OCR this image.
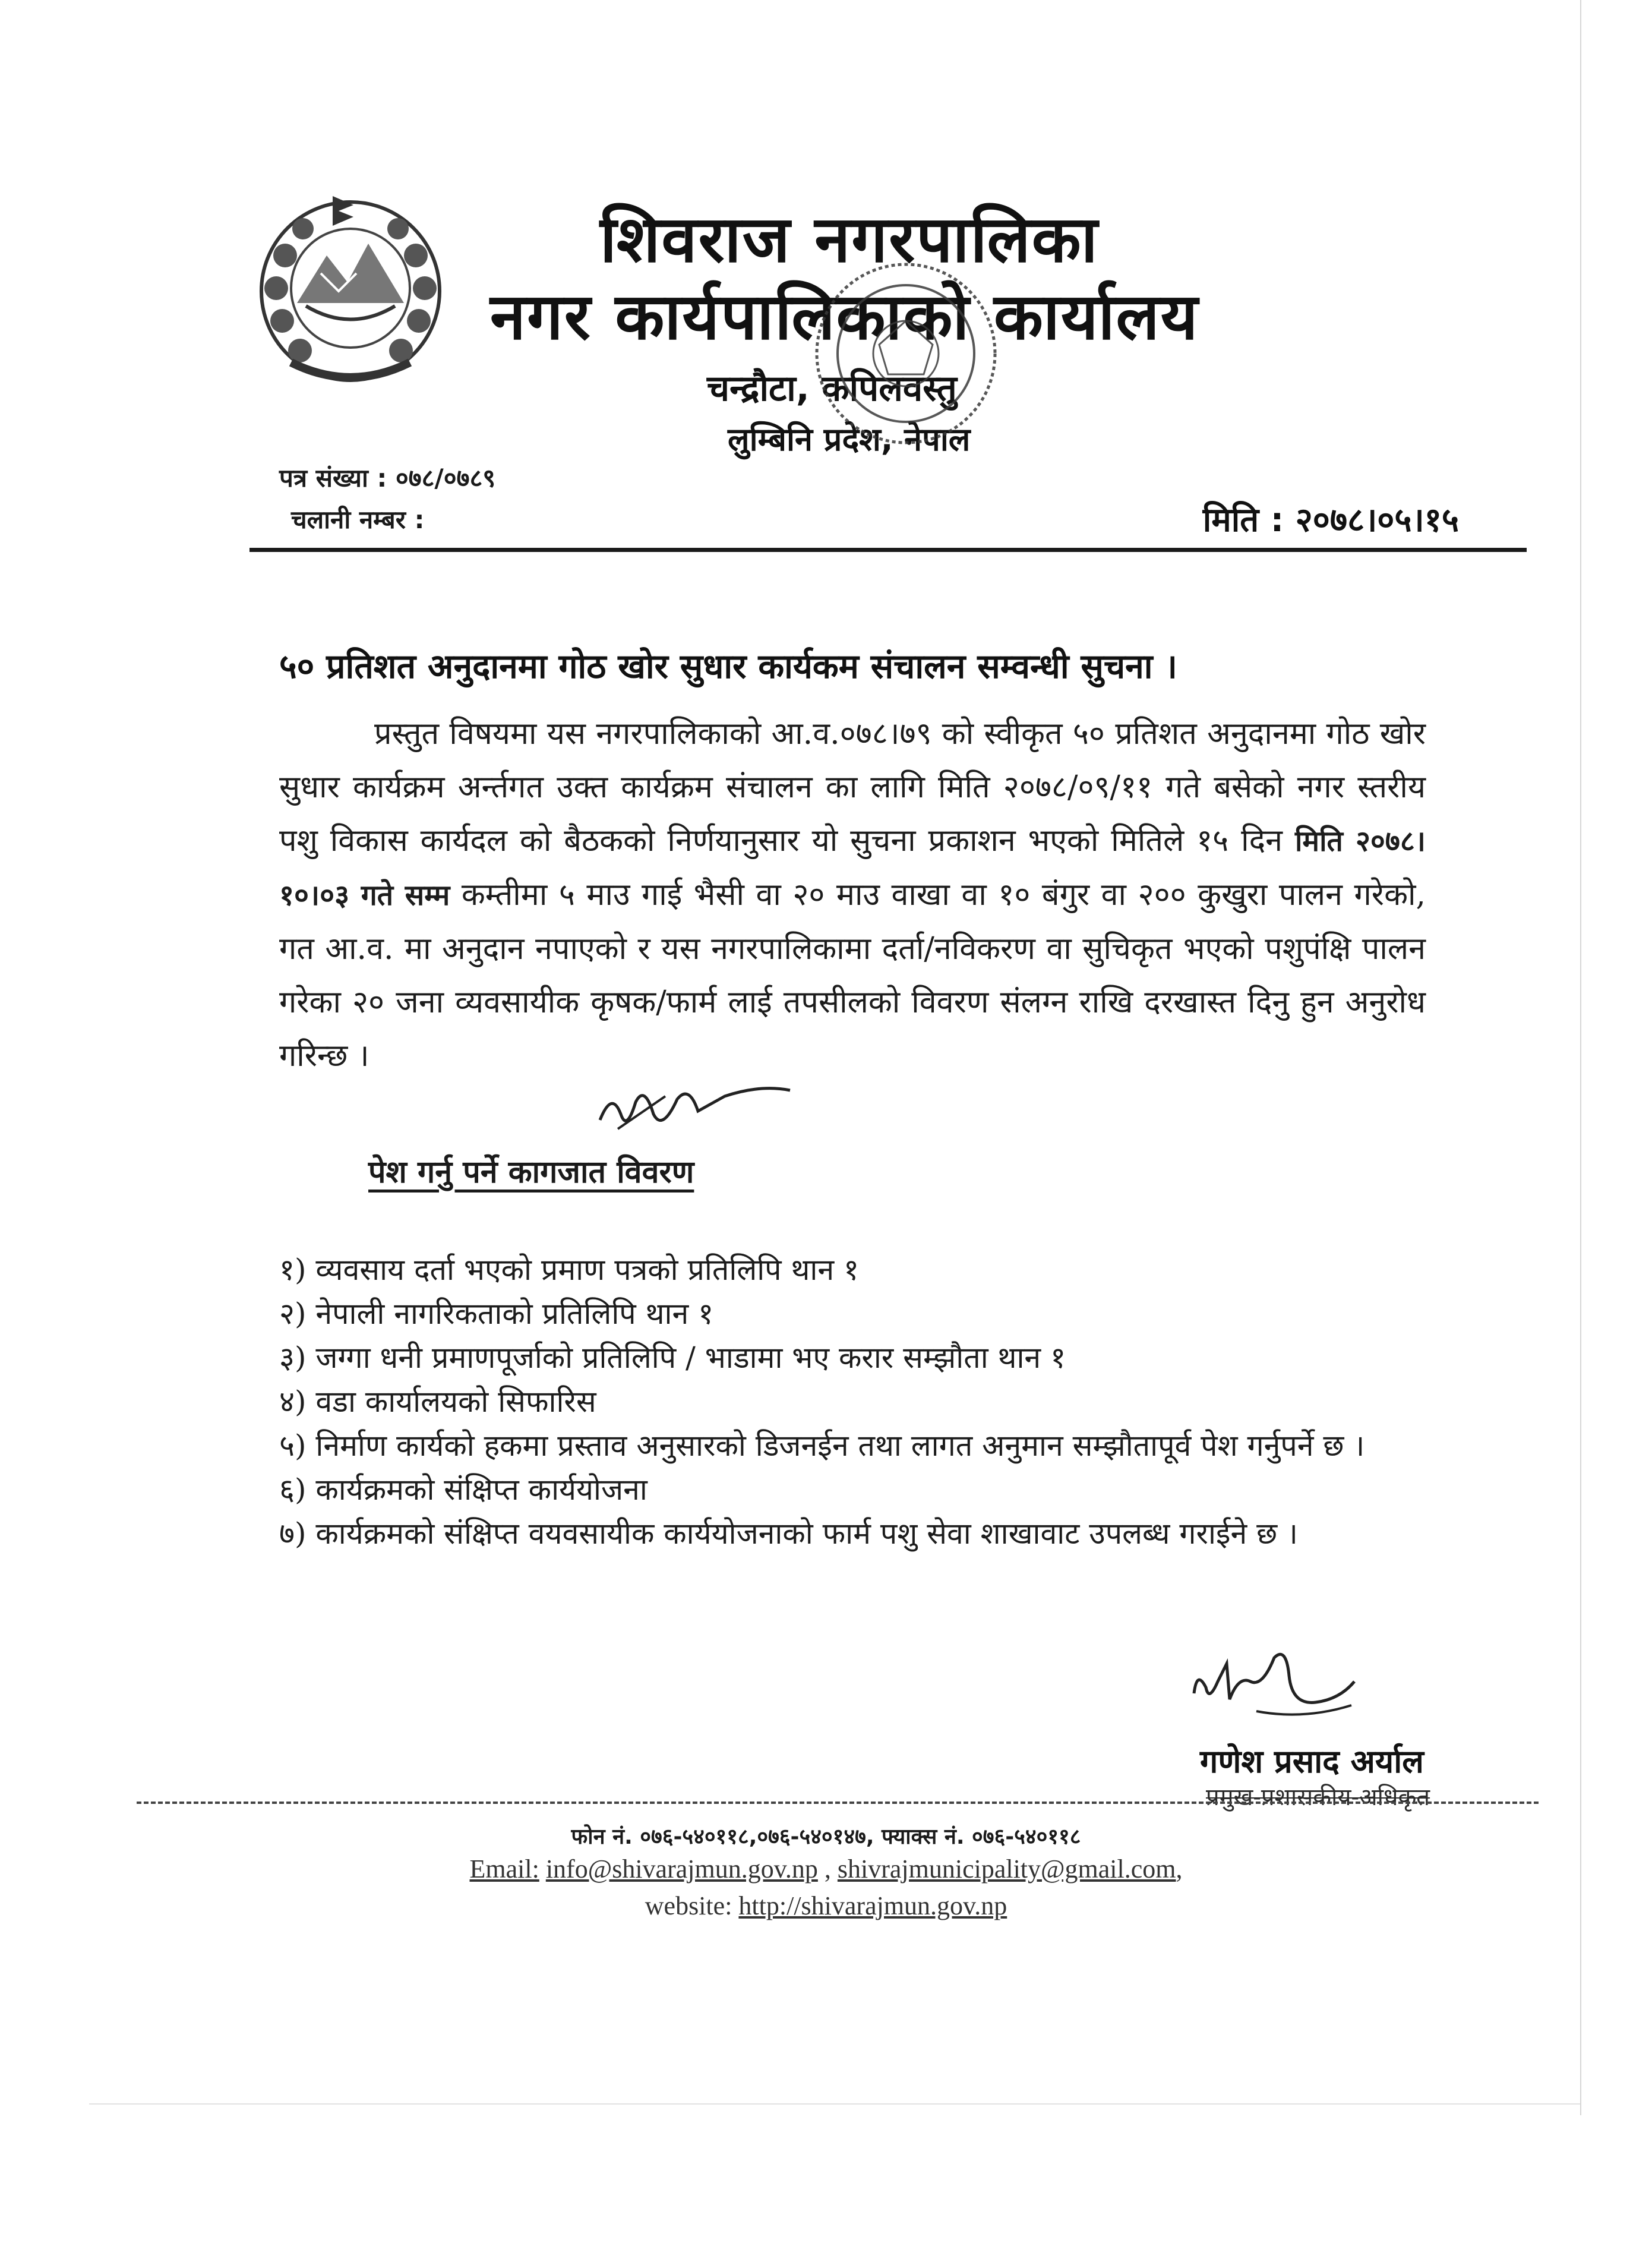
शिवराज नगरपालिका
नगर कार्यपालिकाको कार्यालय
चन्द्रौटा, कपिलवस्तु
लुम्बिनि प्रदेश, नेपाल
पत्र संख्या : ०७८/०७८९
चलानी नम्बर :	मिति : २०७८।०५।१५
५० प्रतिशत अनुदानमा गोठ खोर सुधार कार्यकम संचालन सम्वन्धी सुचना ।
प्रस्तुत विषयमा यस नगरपालिकाको आ.व.०७८।७९ को स्वीकृत ५० प्रतिशत अनुदानमा गोठ खोर सुधार कार्यक्रम अर्न्तगत उक्त कार्यक्रम संचालन का लागि मिति २०७८/०९/११ गते बसेको नगर स्तरीय पशु विकास कार्यदल को बैठकको निर्णयानुसार यो सुचना प्रकाशन भएको मितिले १५ दिन मिति २०७८।१०।०३ गते सम्म कम्तीमा ५ माउ गाई भैसी वा २० माउ वाखा वा १० बंगुर वा २०० कुखुरा पालन गरेको, गत आ.व. मा अनुदान नपाएको र यस नगरपालिकामा दर्ता/नविकरण वा सुचिकृत भएको पशुपंक्षि पालन गरेका २० जना व्यवसायीक कृषक/फार्म लाई तपसीलको विवरण संलग्न राखि दरखास्त दिनु हुन अनुरोध गरिन्छ ।
पेश गर्नु पर्ने कागजात विवरण
१) व्यवसाय दर्ता भएको प्रमाण पत्रको प्रतिलिपि थान १
२) नेपाली नागरिकताको प्रतिलिपि थान १
३) जग्गा धनी प्रमाणपूर्जाको प्रतिलिपि / भाडामा भए करार सम्झौता थान १
४) वडा कार्यालयको सिफारिस
५) निर्माण कार्यको हकमा प्रस्ताव अनुसारको डिजनईन तथा लागत अनुमान सम्झौतापूर्व पेश गर्नुपर्ने छ ।
६) कार्यक्रमको संक्षिप्त कार्ययोजना
७) कार्यक्रमको संक्षिप्त वयवसायीक कार्ययोजनाको फार्म पशु सेवा शाखावाट उपलब्ध गराईने छ ।
गणेश प्रसाद अर्याल
प्रमुख-प्रशासकीय-अधिकृत
फोन नं. ०७६-५४०११८,०७६-५४०१४७, फ्याक्स नं. ०७६-५४०११८
Email: info@shivarajmun.gov.np , shivrajmunicipality@gmail.com,
website: http://shivarajmun.gov.np
